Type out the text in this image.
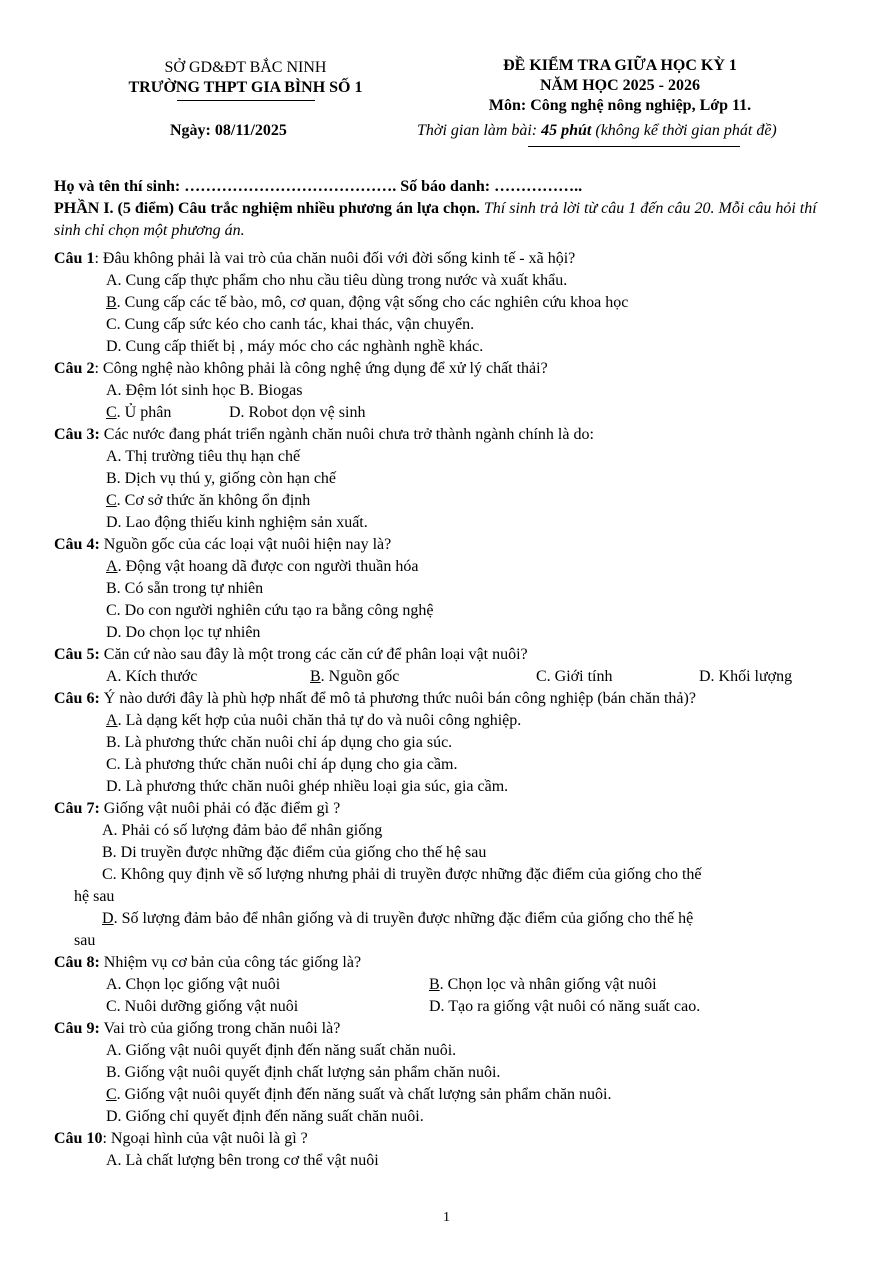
SỞ GD&ĐT BẮC NINH
TRƯỜNG THPT GIA BÌNH SỐ 1
ĐỀ KIỂM TRA GIỮA HỌC KỲ 1
NĂM HỌC 2025 - 2026
Môn: Công nghệ nông nghiệp, Lớp 11.
Ngày: 08/11/2025	Thời gian làm bài: 45 phút (không kể thời gian phát đề)
Họ và tên thí sinh: …………………………………. Số báo danh: ……………..
PHẦN I. (5 điểm) Câu trắc nghiệm nhiều phương án lựa chọn. Thí sinh trả lời từ câu 1 đến câu 20. Mỗi câu hỏi thí sinh chỉ chọn một phương án.
Câu 1: Đâu không phải là vai trò của chăn nuôi đối với đời sống kinh tế - xã hội?
A. Cung cấp thực phẩm cho nhu cầu tiêu dùng trong nước và xuất khẩu.
B. Cung cấp các tế bào, mô, cơ quan, động vật sống cho các nghiên cứu khoa học
C. Cung cấp sức kéo cho canh tác, khai thác, vận chuyển.
D. Cung cấp thiết bị , máy móc cho các nghành nghề khác.
Câu 2: Công nghệ nào không phải là công nghệ ứng dụng để xử lý chất thải?
A. Đệm lót sinh học B. Biogas
C. Ủ phân	D. Robot dọn vệ sinh
Câu 3: Các nước đang phát triển ngành chăn nuôi chưa trở thành ngành chính là do:
A. Thị trường tiêu thụ hạn chế
B. Dịch vụ thú y, giống còn hạn chế
C. Cơ sở thức ăn không ổn định
D. Lao động thiếu kinh nghiệm sản xuất.
Câu 4: Nguồn gốc của các loại vật nuôi hiện nay là?
A. Động vật hoang dã được con người thuần hóa
B. Có sẵn trong tự nhiên
C. Do con người nghiên cứu tạo ra bằng công nghệ
D. Do chọn lọc tự nhiên
Câu 5: Căn cứ nào sau đây là một trong các căn cứ để phân loại vật nuôi?
A. Kích thước	B. Nguồn gốc	C. Giới tính	D. Khối lượng
Câu 6: Ý nào dưới đây là phù hợp nhất để mô tả phương thức nuôi bán công nghiệp (bán chăn thả)?
A. Là dạng kết hợp của nuôi chăn thả tự do và nuôi công nghiệp.
B. Là phương thức chăn nuôi chỉ áp dụng cho gia súc.
C. Là phương thức chăn nuôi chỉ áp dụng cho gia cầm.
D. Là phương thức chăn nuôi ghép nhiều loại gia súc, gia cầm.
Câu 7: Giống vật nuôi phải có đặc điểm gì ?
A. Phải có số lượng đảm bảo để nhân giống
B. Di truyền được những đặc điểm của giống cho thế hệ sau
C. Không quy định về số lượng nhưng phải di truyền được những đặc điểm của giống cho thế
hệ sau
D. Số lượng đảm bảo để nhân giống và di truyền được những đặc điểm của giống cho thế hệ
sau
Câu 8: Nhiệm vụ cơ bản của công tác giống là?
A. Chọn lọc giống vật nuôi	B. Chọn lọc và nhân giống vật nuôi
C. Nuôi dưỡng giống vật nuôi	D. Tạo ra giống vật nuôi có năng suất cao.
Câu 9: Vai trò của giống trong chăn nuôi là?
A. Giống vật nuôi quyết định đến năng suất chăn nuôi.
B. Giống vật nuôi quyết định chất lượng sản phẩm chăn nuôi.
C. Giống vật nuôi quyết định đến năng suất và chất lượng sản phẩm chăn nuôi.
D. Giống chỉ quyết định đến năng suất chăn nuôi.
Câu 10: Ngoại hình của vật nuôi là gì ?
A. Là chất lượng bên trong cơ thể vật nuôi
1
